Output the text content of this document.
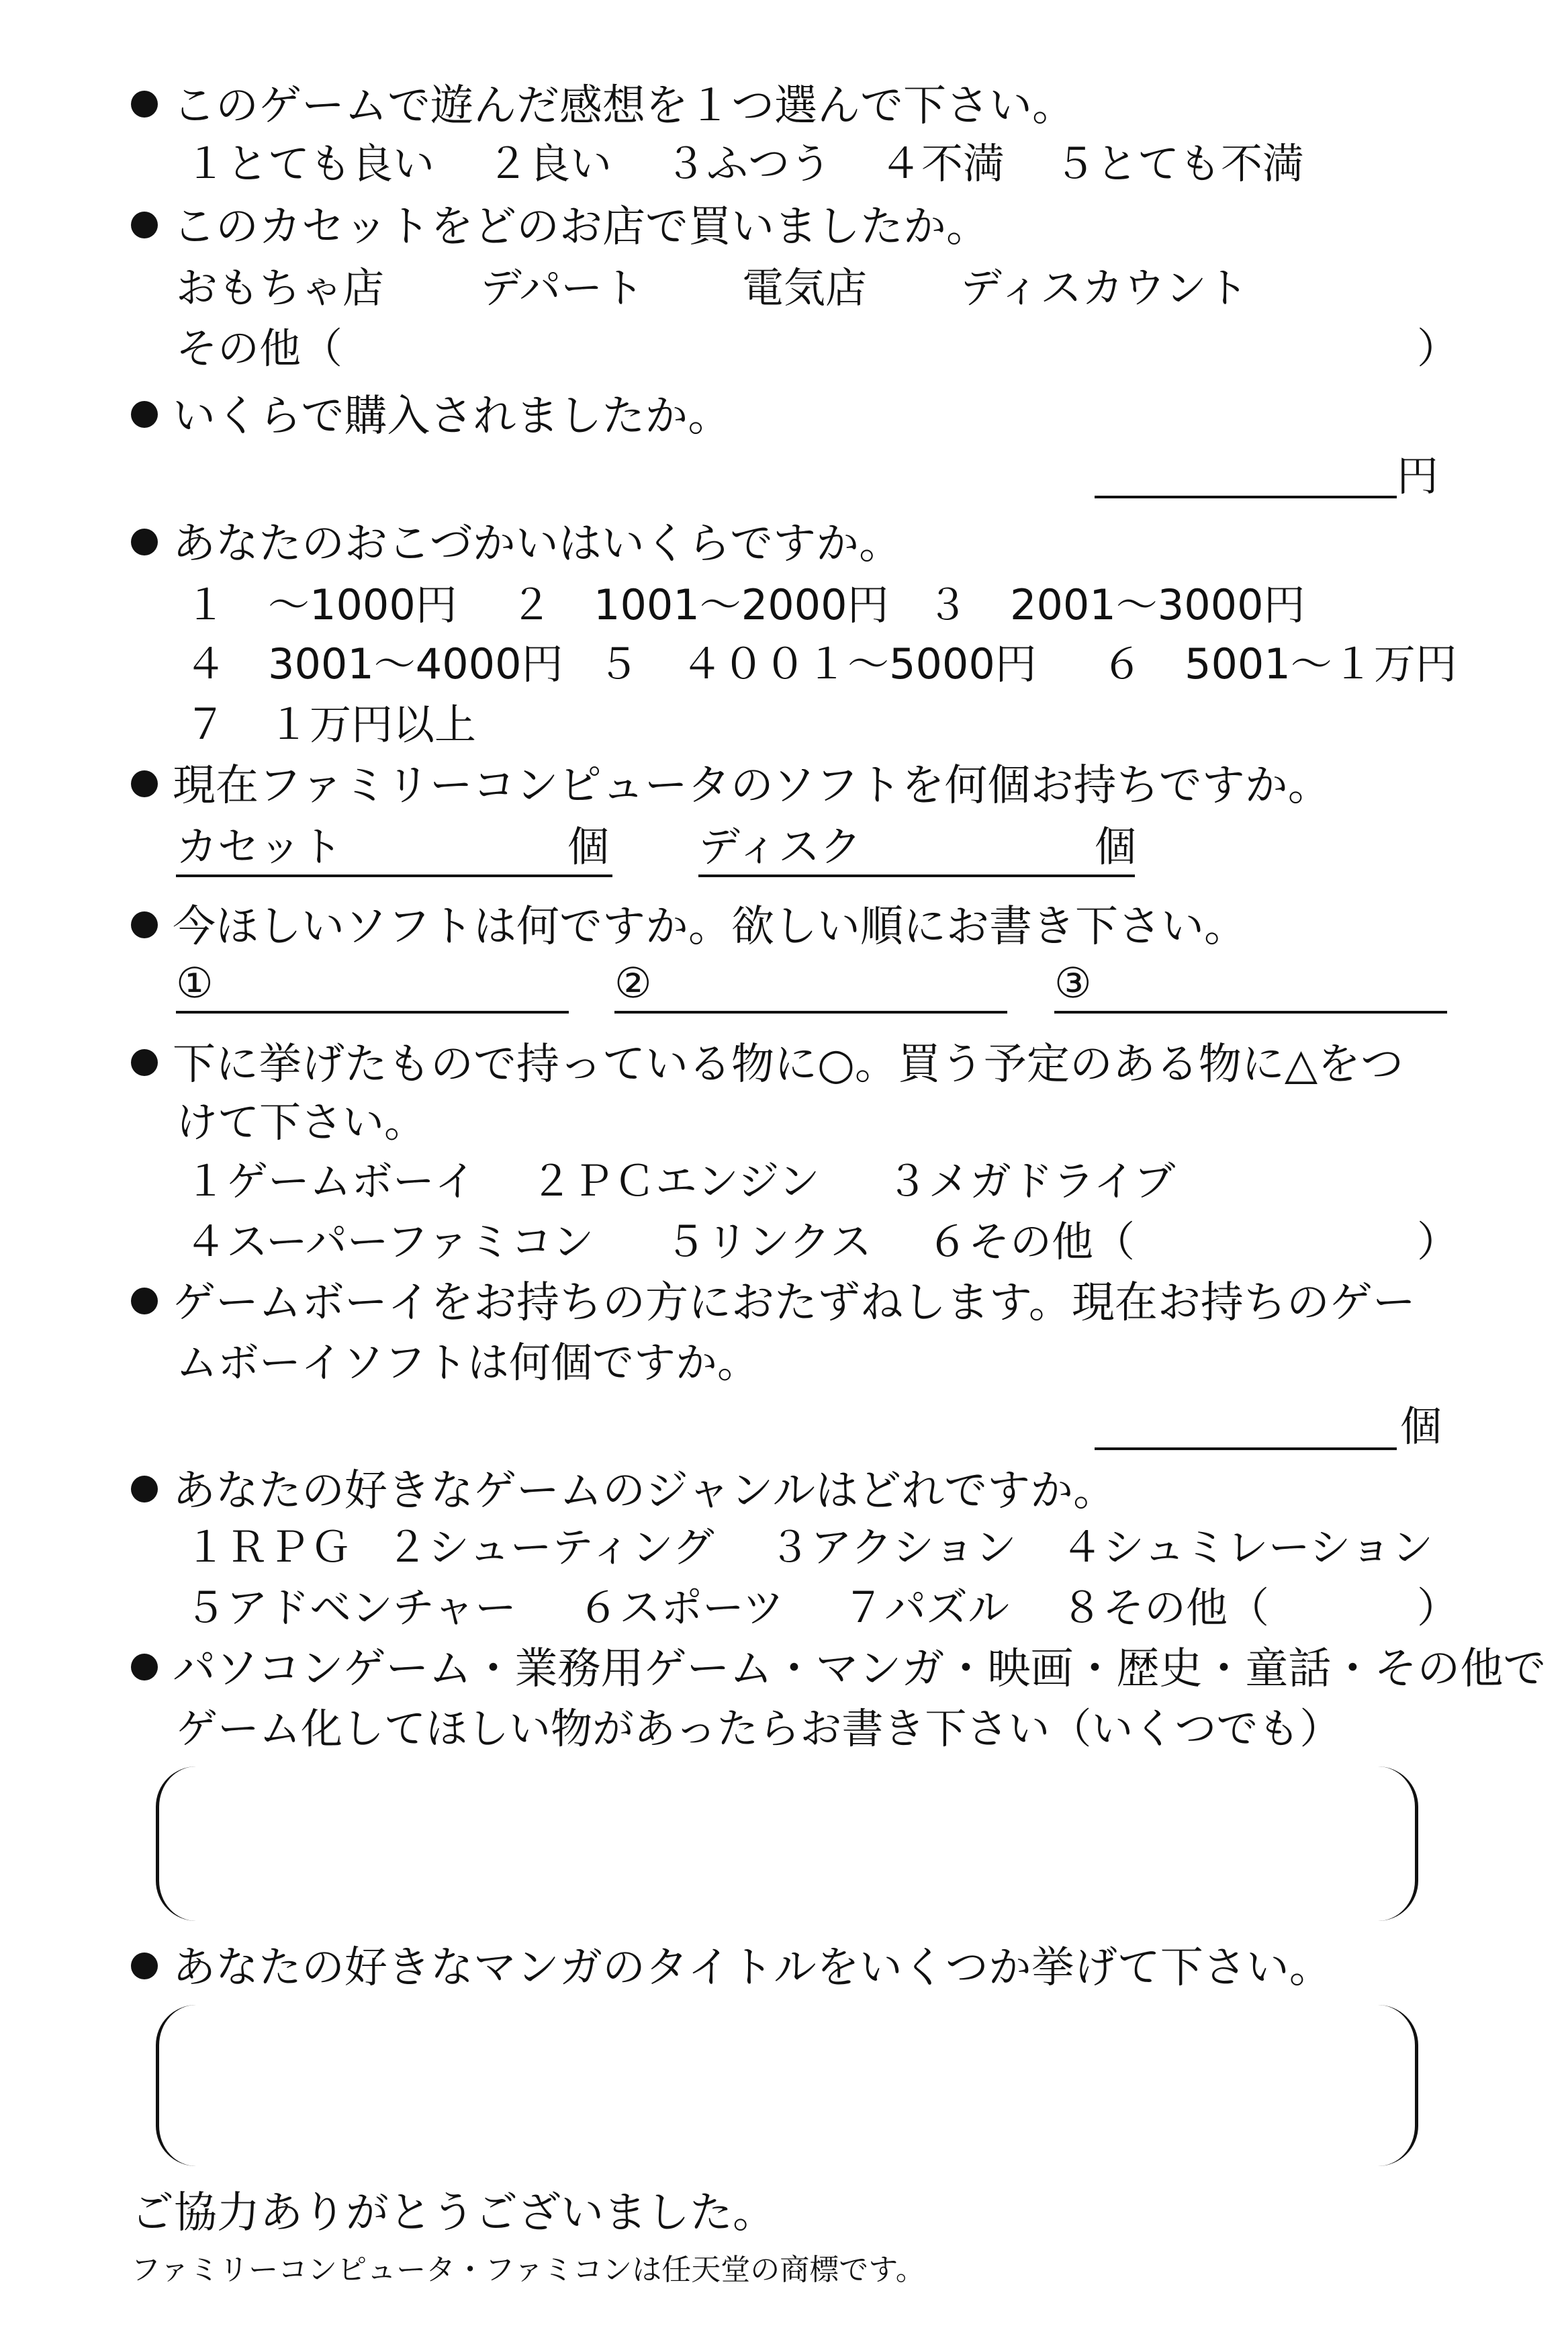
このゲームで遊んだ感想を１つ選んで下さい。
１とても良い ２良い ３ふつう ４不満 ５とても不満
このカセットをどのお店で買いましたか。
おもちゃ店 デパート 電気店 ディスカウント
その他（	）
いくらで購入されましたか。
円
あなたのおこづかいはいくらですか。
１　～1000円 ２　1001～2000円 ３　2001～3000円
４　3001～4000円 ５　４００１～5000円 ６　5001～１万円
７　１万円以上
現在ファミリーコンピュータのソフトを何個お持ちですか。
カセット	個 ディスク	個
今ほしいソフトは何ですか。欲しい順にお書き下さい。
①	②	③
下に挙げたもので持っている物に○。買う予定のある物に△をつ
けて下さい。
１ゲームボーイ ２ＰＣエンジン ３メガドライブ
４スーパーファミコン ５リンクス ６その他（	）
ゲームボーイをお持ちの方におたずねします。現在お持ちのゲー
ムボーイソフトは何個ですか。
個
あなたの好きなゲームのジャンルはどれですか。
１ＲＰＧ ２シューティング ３アクション ４シュミレーション
５アドベンチャー ６スポーツ ７パズル ８その他（	）
パソコンゲーム・業務用ゲーム・マンガ・映画・歴史・童話・その他で
ゲーム化してほしい物があったらお書き下さい（いくつでも）
あなたの好きなマンガのタイトルをいくつか挙げて下さい。
ご協力ありがとうございました。
ファミリーコンピュータ・ファミコンは任天堂の商標です。
